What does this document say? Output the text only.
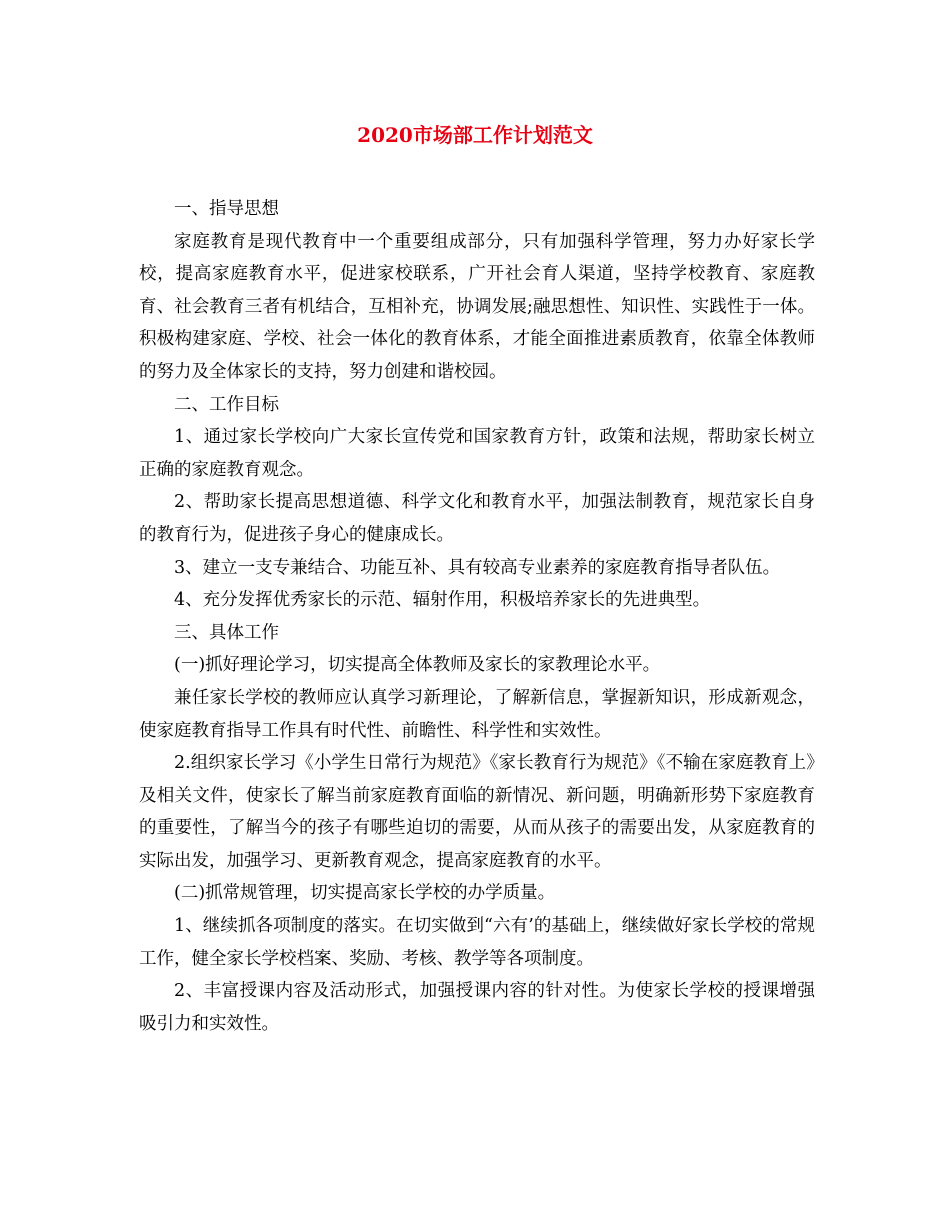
2020市场部工作计划范文

一、指导思想

家庭教育是现代教育中一个重要组成部分，只有加强科学管理，努力办好家长学校，提高家庭教育水平，促进家校联系，广开社会育人渠道，坚持学校教育、家庭教育、社会教育三者有机结合，互相补充，协调发展;融思想性、知识性、实践性于一体。积极构建家庭、学校、社会一体化的教育体系，才能全面推进素质教育，依靠全体教师的努力及全体家长的支持，努力创建和谐校园。

二、工作目标

1、通过家长学校向广大家长宣传党和国家教育方针，政策和法规，帮助家长树立正确的家庭教育观念。

2、帮助家长提高思想道德、科学文化和教育水平，加强法制教育，规范家长自身的教育行为，促进孩子身心的健康成长。

3、建立一支专兼结合、功能互补、具有较高专业素养的家庭教育指导者队伍。

4、充分发挥优秀家长的示范、辐射作用，积极培养家长的先进典型。

三、具体工作

(一)抓好理论学习，切实提高全体教师及家长的家教理论水平。

兼任家长学校的教师应认真学习新理论，了解新信息，掌握新知识，形成新观念，使家庭教育指导工作具有时代性、前瞻性、科学性和实效性。

2.组织家长学习《小学生日常行为规范》《家长教育行为规范》《不输在家庭教育上》及相关文件，使家长了解当前家庭教育面临的新情况、新问题，明确新形势下家庭教育的重要性，了解当今的孩子有哪些迫切的需要，从而从孩子的需要出发，从家庭教育的实际出发，加强学习、更新教育观念，提高家庭教育的水平。

(二)抓常规管理，切实提高家长学校的办学质量。

1、继续抓各项制度的落实。在切实做到“六有’的基础上，继续做好家长学校的常规工作，健全家长学校档案、奖励、考核、教学等各项制度。

2、丰富授课内容及活动形式，加强授课内容的针对性。为使家长学校的授课增强吸引力和实效性。
